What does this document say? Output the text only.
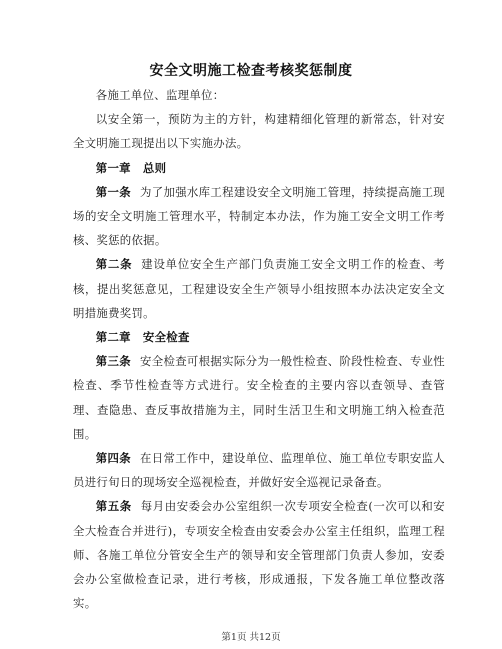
安全文明施工检查考核奖惩制度

各施工单位、监理单位：

以安全第一，预防为主的方针，构建精细化管理的新常态，针对安全文明施工现提出以下实施办法。

第一章 总则

第一条 为了加强水库工程建设安全文明施工管理，持续提高施工现场的安全文明施工管理水平，特制定本办法，作为施工安全文明工作考核、奖惩的依据。

第二条 建设单位安全生产部门负责施工安全文明工作的检查、考核，提出奖惩意见，工程建设安全生产领导小组按照本办法决定安全文明措施费奖罚。

第二章 安全检查

第三条 安全检查可根据实际分为一般性检查、阶段性检查、专业性检查、季节性检查等方式进行。安全检查的主要内容以查领导、查管理、查隐患、查反事故措施为主，同时生活卫生和文明施工纳入检查范围。

第四条 在日常工作中，建设单位、监理单位、施工单位专职安监人员进行旬日的现场安全巡视检查，并做好安全巡视记录备查。

第五条 每月由安委会办公室组织一次专项安全检查(一次可以和安全大检查合并进行)，专项安全检查由安委会办公室主任组织，监理工程师、各施工单位分管安全生产的领导和安全管理部门负责人参加，安委会办公室做检查记录，进行考核，形成通报，下发各施工单位整改落实。

第1页 共12页
